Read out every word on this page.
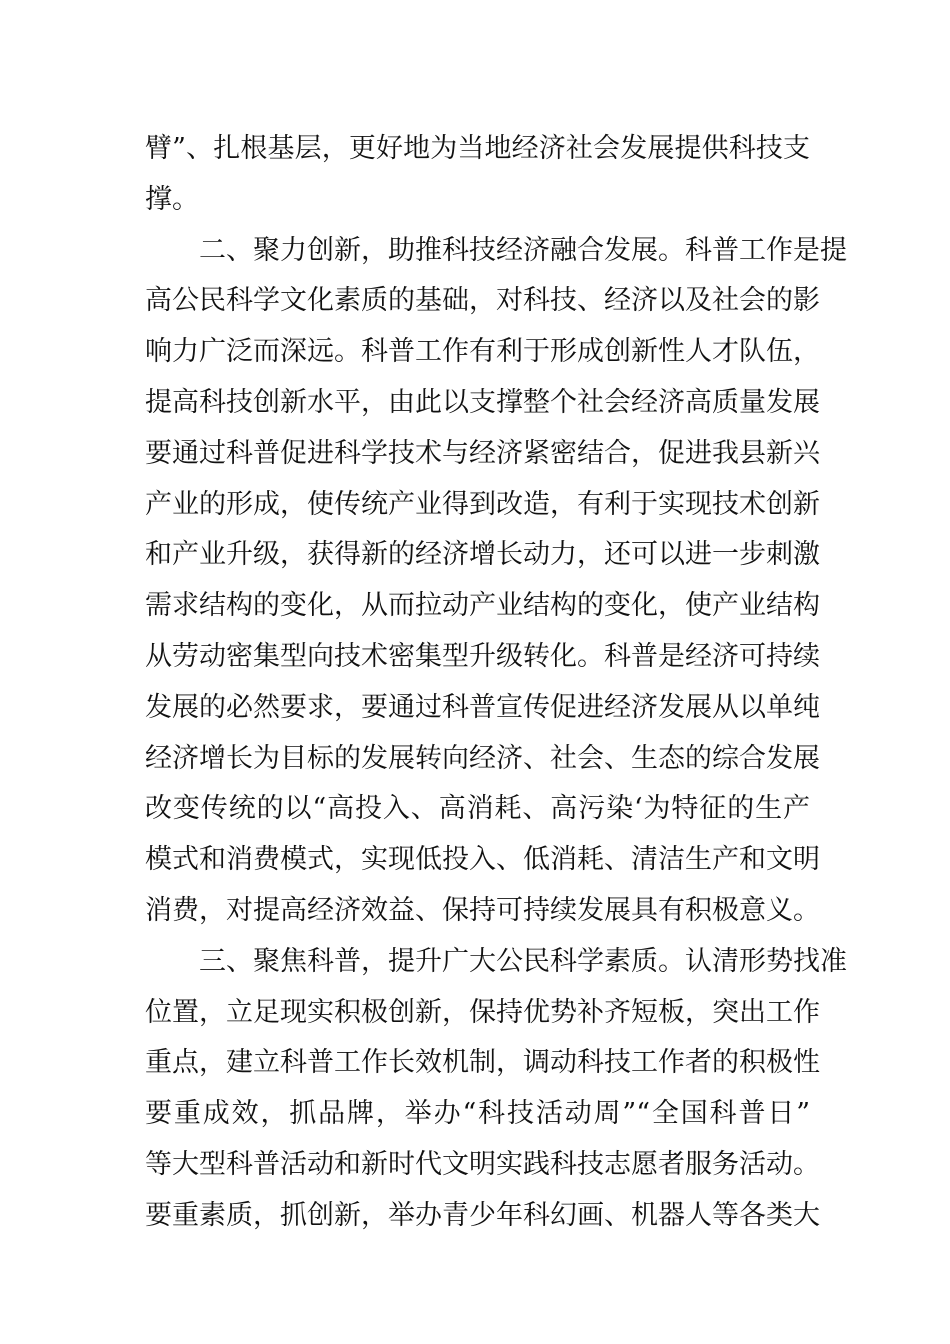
臂”、扎根基层，更好地为当地经济社会发展提供科技支
撑。
二、聚力创新，助推科技经济融合发展。科普工作是提
高公民科学文化素质的基础，对科技、经济以及社会的影
响力广泛而深远。科普工作有利于形成创新性人才队伍，
提高科技创新水平，由此以支撑整个社会经济高质量发展
要通过科普促进科学技术与经济紧密结合，促进我县新兴
产业的形成，使传统产业得到改造，有利于实现技术创新
和产业升级，获得新的经济增长动力，还可以进一步刺激
需求结构的变化，从而拉动产业结构的变化，使产业结构
从劳动密集型向技术密集型升级转化。科普是经济可持续
发展的必然要求，要通过科普宣传促进经济发展从以单纯
经济增长为目标的发展转向经济、社会、生态的综合发展
改变传统的以“高投入、高消耗、高污染‘为特征的生产
模式和消费模式，实现低投入、低消耗、清洁生产和文明
消费，对提高经济效益、保持可持续发展具有积极意义。
三、聚焦科普，提升广大公民科学素质。认清形势找准
位置，立足现实积极创新，保持优势补齐短板，突出工作
重点，建立科普工作长效机制，调动科技工作者的积极性
要重成效，抓品牌，举办“科技活动周”“全国科普日”
等大型科普活动和新时代文明实践科技志愿者服务活动。
要重素质，抓创新，举办青少年科幻画、机器人等各类大
